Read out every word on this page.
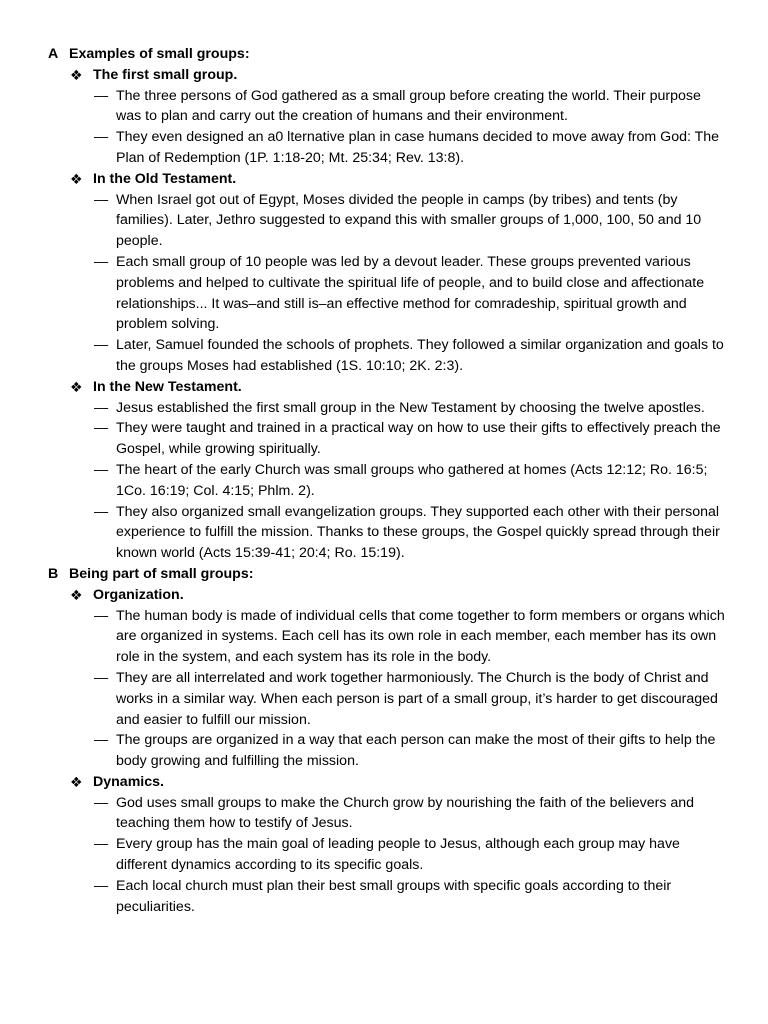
A Examples of small groups:
❖ The first small group.
— The three persons of God gathered as a small group before creating the world. Their purpose was to plan and carry out the creation of humans and their environment.
— They even designed an a0 lternative plan in case humans decided to move away from God: The Plan of Redemption (1P. 1:18-20; Mt. 25:34; Rev. 13:8).
❖ In the Old Testament.
— When Israel got out of Egypt, Moses divided the people in camps (by tribes) and tents (by families). Later, Jethro suggested to expand this with smaller groups of 1,000, 100, 50 and 10 people.
— Each small group of 10 people was led by a devout leader. These groups prevented various problems and helped to cultivate the spiritual life of people, and to build close and affectionate relationships... It was–and still is–an effective method for comradeship, spiritual growth and problem solving.
— Later, Samuel founded the schools of prophets. They followed a similar organization and goals to the groups Moses had established (1S. 10:10; 2K. 2:3).
❖ In the New Testament.
— Jesus established the first small group in the New Testament by choosing the twelve apostles.
— They were taught and trained in a practical way on how to use their gifts to effectively preach the Gospel, while growing spiritually.
— The heart of the early Church was small groups who gathered at homes (Acts 12:12; Ro. 16:5; 1Co. 16:19; Col. 4:15; Phlm. 2).
— They also organized small evangelization groups. They supported each other with their personal experience to fulfill the mission. Thanks to these groups, the Gospel quickly spread through their known world (Acts 15:39-41; 20:4; Ro. 15:19).
B Being part of small groups:
❖ Organization.
— The human body is made of individual cells that come together to form members or organs which are organized in systems. Each cell has its own role in each member, each member has its own role in the system, and each system has its role in the body.
— They are all interrelated and work together harmoniously. The Church is the body of Christ and works in a similar way. When each person is part of a small group, it’s harder to get discouraged and easier to fulfill our mission.
— The groups are organized in a way that each person can make the most of their gifts to help the body growing and fulfilling the mission.
❖ Dynamics.
— God uses small groups to make the Church grow by nourishing the faith of the believers and teaching them how to testify of Jesus.
— Every group has the main goal of leading people to Jesus, although each group may have different dynamics according to its specific goals.
— Each local church must plan their best small groups with specific goals according to their peculiarities.
